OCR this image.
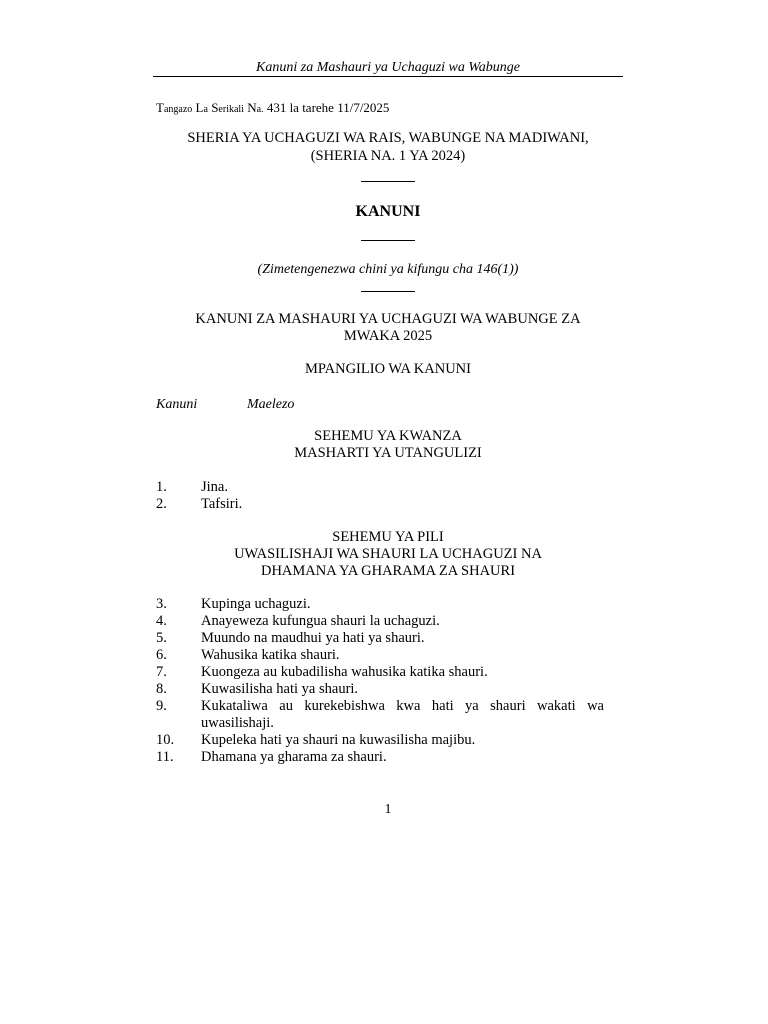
Kanuni za Mashauri ya Uchaguzi wa Wabunge
Tangazo La Serikali Na. 431 la tarehe 11/7/2025
SHERIA YA UCHAGUZI WA RAIS, WABUNGE NA MADIWANI,
(SHERIA NA. 1 YA 2024)
KANUNI
(Zimetengenezwa chini ya kifungu cha 146(1))
KANUNI ZA MASHAURI YA UCHAGUZI WA WABUNGE ZA
MWAKA 2025
MPANGILIO WA KANUNI
Kanuni	Maelezo
SEHEMU YA KWANZA
MASHARTI YA UTANGULIZI
1. Jina.
2. Tafsiri.
SEHEMU YA PILI
UWASILISHAJI WA SHAURI LA UCHAGUZI NA
DHAMANA YA GHARAMA ZA SHAURI
3. Kupinga uchaguzi.
4. Anayeweza kufungua shauri la uchaguzi.
5. Muundo na maudhui ya hati ya shauri.
6. Wahusika katika shauri.
7. Kuongeza au kubadilisha wahusika katika shauri.
8. Kuwasilisha hati ya shauri.
9. Kukataliwa au kurekebishwa kwa hati ya shauri wakati wa uwasilishaji.
10. Kupeleka hati ya shauri na kuwasilisha majibu.
11. Dhamana ya gharama za shauri.
1
